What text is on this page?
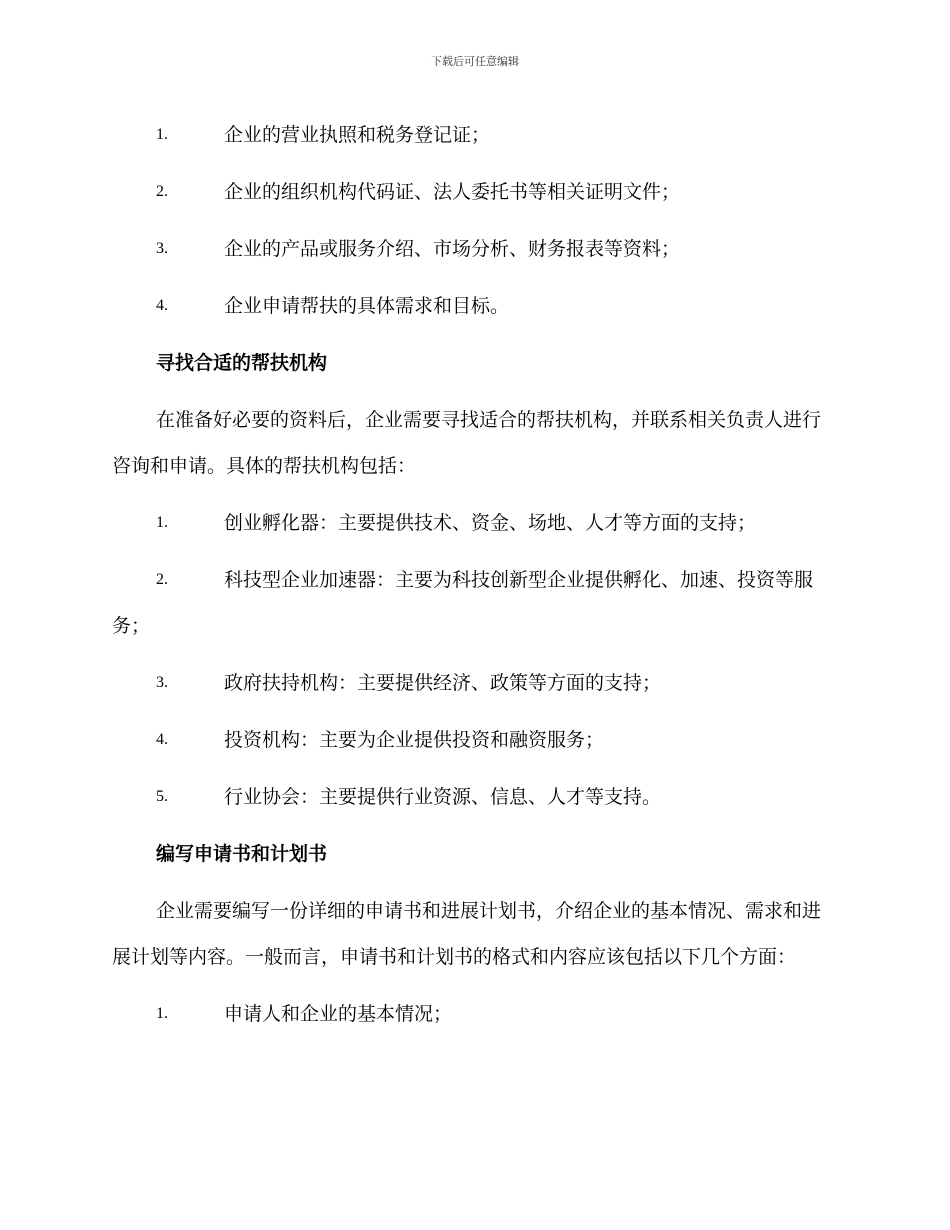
下载后可任意编辑
1.	企业的营业执照和税务登记证；

2.	企业的组织机构代码证、法人委托书等相关证明文件；

3.	企业的产品或服务介绍、市场分析、财务报表等资料；

4.	企业申请帮扶的具体需求和目标。

寻找合适的帮扶机构

在准备好必要的资料后，企业需要寻找适合的帮扶机构，并联系相关负责人进行咨询和申请。具体的帮扶机构包括：

1.	创业孵化器：主要提供技术、资金、场地、人才等方面的支持；

2.	科技型企业加速器：主要为科技创新型企业提供孵化、加速、投资等服务；

3.	政府扶持机构：主要提供经济、政策等方面的支持；

4.	投资机构：主要为企业提供投资和融资服务；

5.	行业协会：主要提供行业资源、信息、人才等支持。

编写申请书和计划书

企业需要编写一份详细的申请书和进展计划书，介绍企业的基本情况、需求和进展计划等内容。一般而言，申请书和计划书的格式和内容应该包括以下几个方面：

1.	申请人和企业的基本情况；
